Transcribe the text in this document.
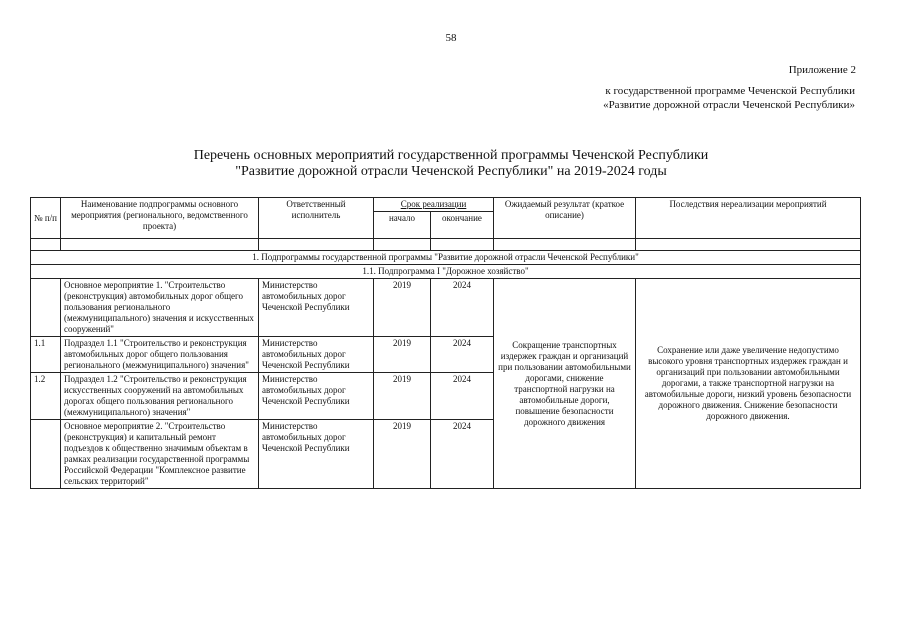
58
Приложение 2
к государственной программе Чеченской Республики
«Развитие дорожной отрасли Чеченской Республики»
Перечень основных мероприятий государственной программы Чеченской Республики
"Развитие дорожной отрасли Чеченской Республики" на 2019-2024 годы
№ п/п	Наименование подпрограммы основного мероприятия (регионального, ведомственного проекта)	Ответственный исполнитель	Срок реализации		Ожидаемый результат (краткое описание)	Последствия нереализации мероприятий
			начало	окончание		

1. Подпрограммы государственной программы "Развитие дорожной отрасли Чеченской Республики"						
1.1. Подпрограмма I "Дорожное хозяйство"						
	Основное мероприятие 1. "Строительство (реконструкция) автомобильных дорог общего пользования регионального (межмуниципального) значения и искусственных сооружений"	Министерство автомобильных дорог Чеченской Республики	2019	2024	Сокращение транспортных издержек граждан и организаций при пользовании автомобильными дорогами, снижение транспортной нагрузки на автомобильные дороги, повышение безопасности дорожного движения	Сохранение или даже увеличение недопустимо высокого уровня транспортных издержек граждан и организаций при пользовании автомобильными дорогами, а также транспортной нагрузки на автомобильные дороги, низкий уровень безопасности дорожного движения. Снижение безопасности дорожного движения.
1.1	Подраздел 1.1 "Строительство и реконструкция автомобильных дорог общего пользования регионального (межмуниципального) значения"	Министерство автомобильных дорог Чеченской Республики	2019	2024		
1.2	Подраздел 1.2 "Строительство и реконструкция искусственных сооружений на автомобильных дорогах общего пользования регионального (межмуниципального) значения"	Министерство автомобильных дорог Чеченской Республики	2019	2024		
	Основное мероприятие 2. "Строительство (реконструкция) и капитальный ремонт подъездов к общественно значимым объектам в рамках реализации государственной программы Российской Федерации "Комплексное развитие сельских территорий"	Министерство автомобильных дорог Чеченской Республики	2019	2024		
